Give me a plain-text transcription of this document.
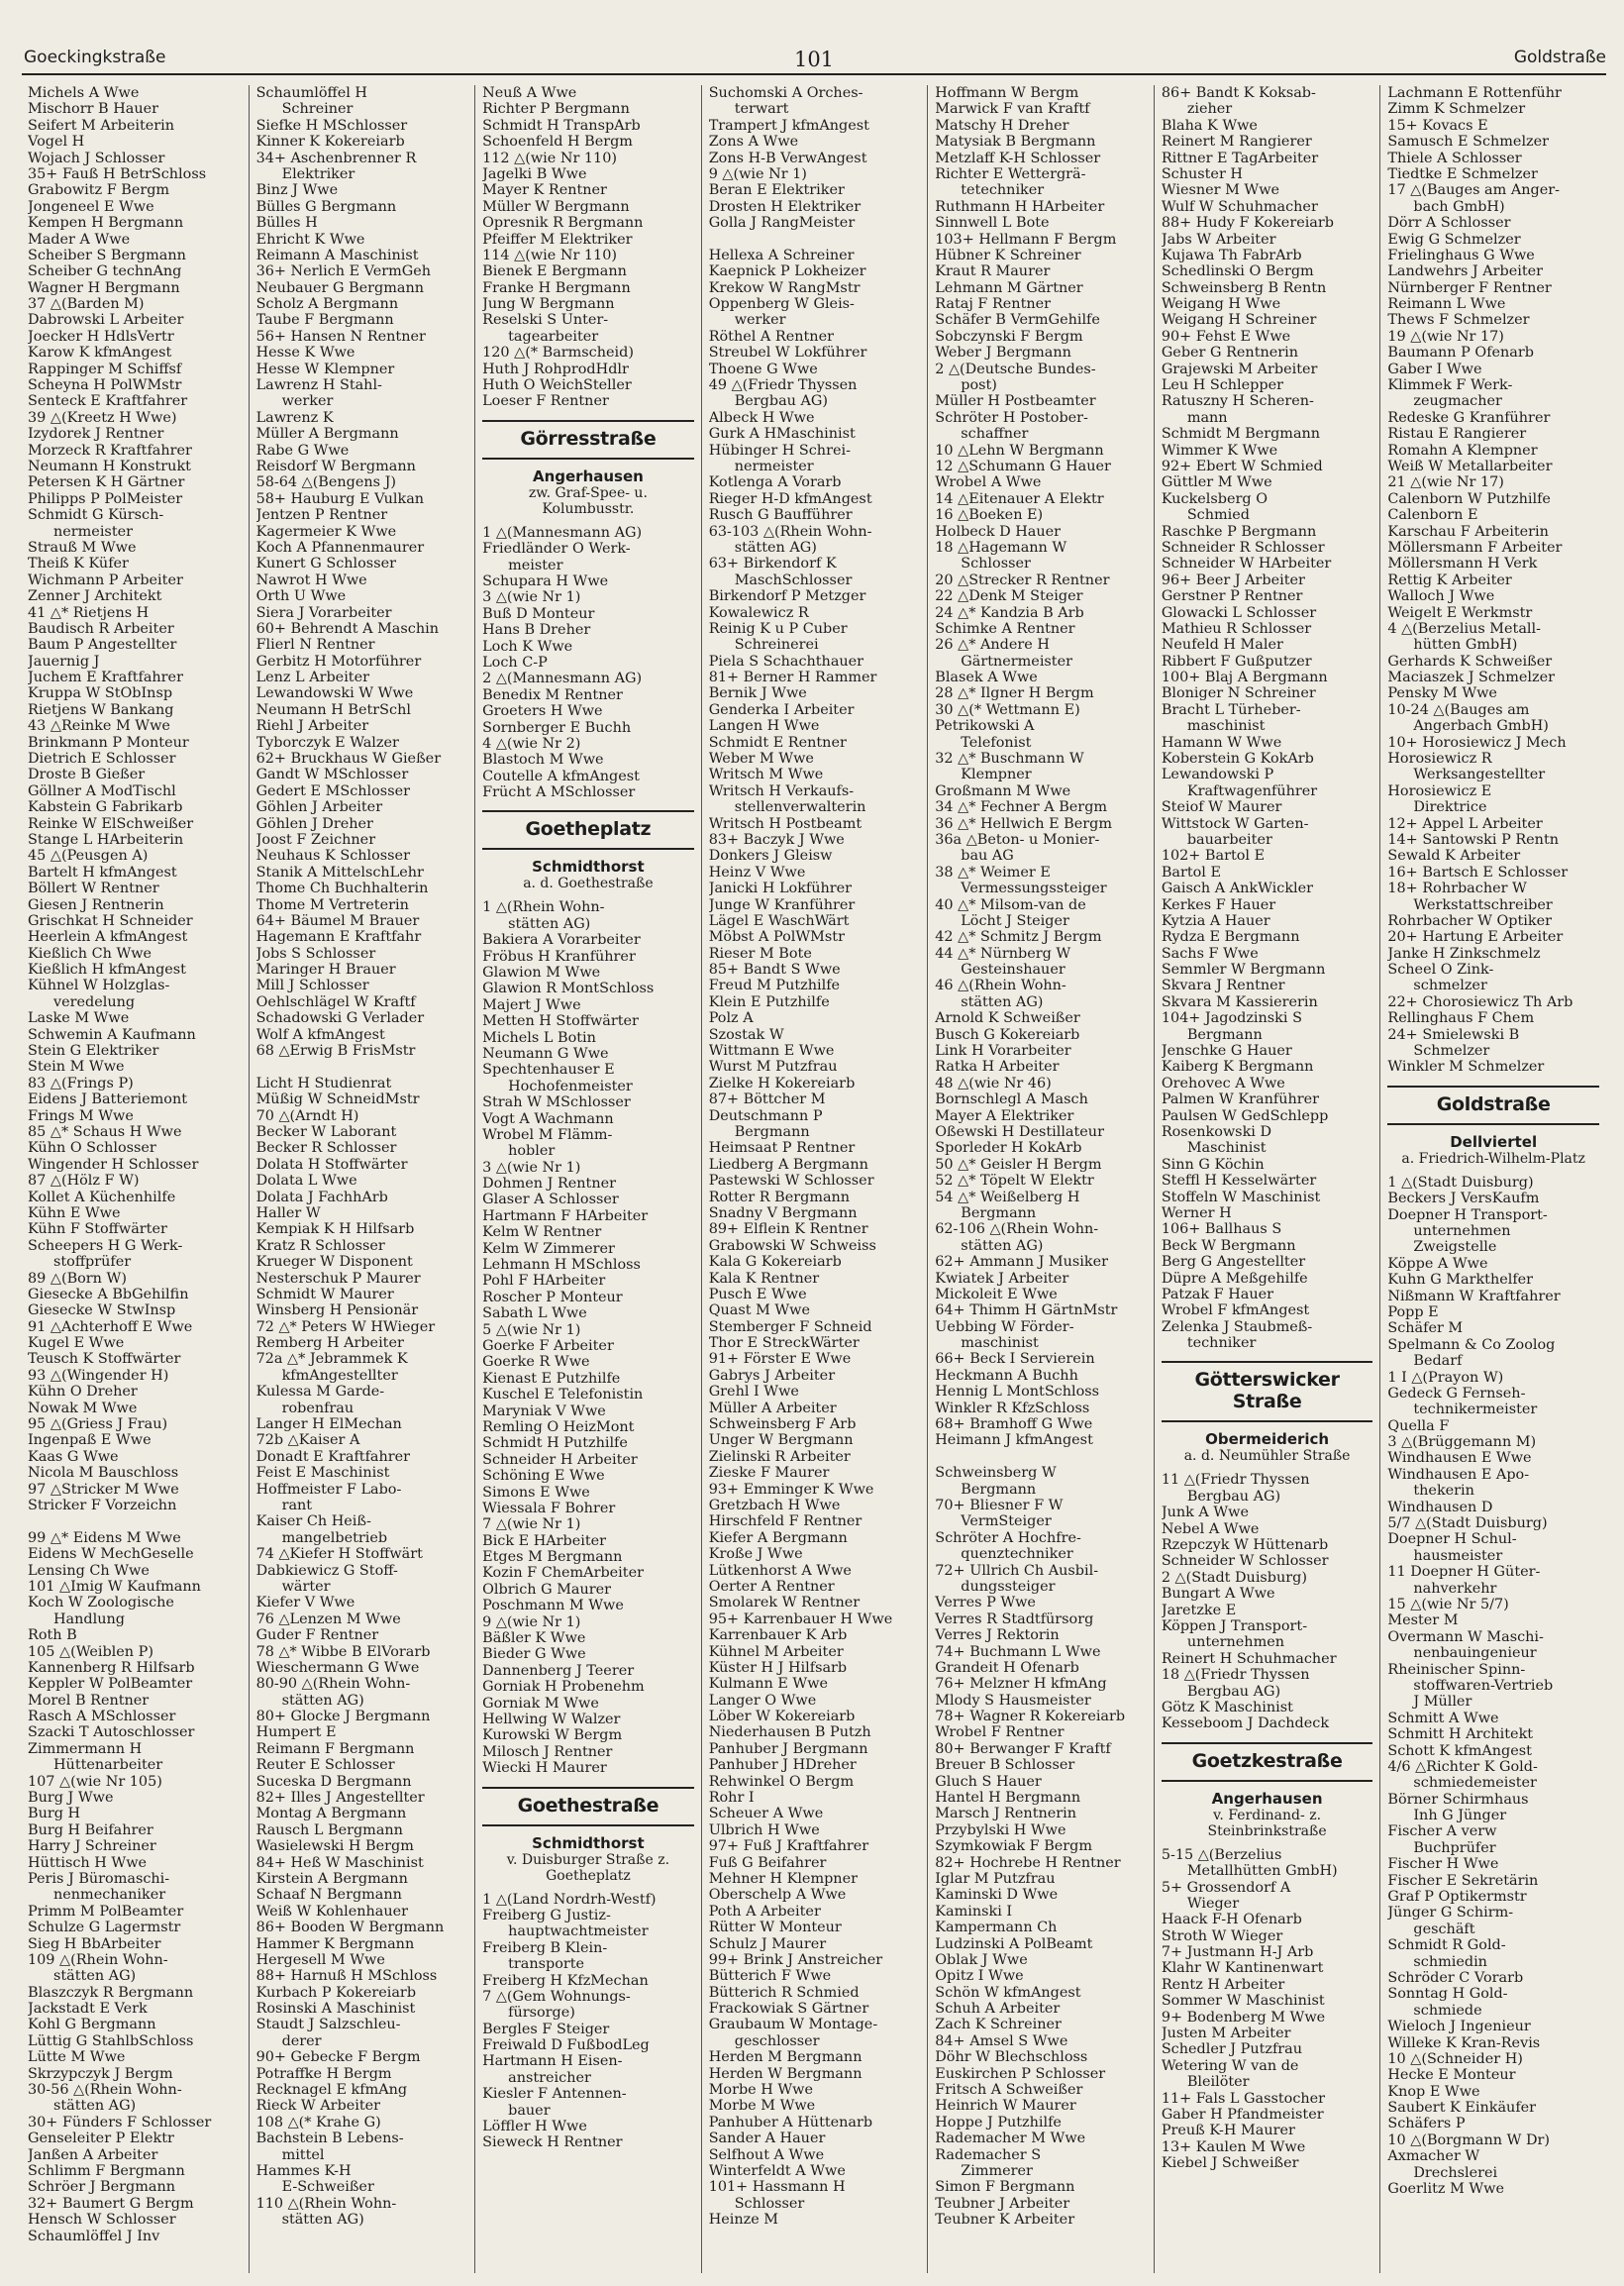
Goeckingkstraße	101	Goldstraße
Michels A Wwe
Mischorr B Hauer
Seifert M Arbeiterin
Vogel H
Wojach J Schlosser
35+ Fauß H BetrSchloss
Grabowitz F Bergm
Jongeneel E Wwe
Kempen H Bergmann
Mader A Wwe
Scheiber S Bergmann
Scheiber G technAng
Wagner H Bergmann
37 △(Barden M)
Dabrowski L Arbeiter
Joecker H HdlsVertr
Karow K kfmAngest
Rappinger M Schiffsf
Scheyna H PolWMstr
Senteck E Kraftfahrer
39 △(Kreetz H Wwe)
Izydorek J Rentner
Morzeck R Kraftfahrer
Neumann H Konstrukt
Petersen K H Gärtner
Philipps P PolMeister
Schmidt G Kürsch-
nermeister
Strauß M Wwe
Theiß K Küfer
Wichmann P Arbeiter
Zenner J Architekt
41 △* Rietjens H
Baudisch R Arbeiter
Baum P Angestellter
Jauernig J
Juchem E Kraftfahrer
Kruppa W StObInsp
Rietjens W Bankang
43 △Reinke M Wwe
Brinkmann P Monteur
Dietrich E Schlosser
Droste B Gießer
Göllner A ModTischl
Kabstein G Fabrikarb
Reinke W ElSchweißer
Stange L HArbeiterin
45 △(Peusgen A)
Bartelt H kfmAngest
Böllert W Rentner
Giesen J Rentnerin
Grischkat H Schneider
Heerlein A kfmAngest
Kießlich Ch Wwe
Kießlich H kfmAngest
Kühnel W Holzglas-
veredelung
Laske M Wwe
Schwemin A Kaufmann
Stein G Elektriker
Stein M Wwe
83 △(Frings P)
Eidens J Batteriemont
Frings M Wwe
85 △* Schaus H Wwe
Kühn O Schlosser
Wingender H Schlosser
87 △(Hölz F W)
Kollet A Küchenhilfe
Kühn E Wwe
Kühn F Stoffwärter
Scheepers H G Werk-
stoffprüfer
89 △(Born W)
Giesecke A BbGehilfin
Giesecke W StwInsp
91 △Achterhoff E Wwe
Kugel E Wwe
Teusch K Stoffwärter
93 △(Wingender H)
Kühn O Dreher
Nowak M Wwe
95 △(Griess J Frau)
Ingenpaß E Wwe
Kaas G Wwe
Nicola M Bauschloss
97 △Stricker M Wwe
Stricker F Vorzeichn
99 △* Eidens M Wwe
Eidens W MechGeselle
Lensing Ch Wwe
101 △Imig W Kaufmann
Koch W Zoologische
Handlung
Roth B
105 △(Weiblen P)
Kannenberg R Hilfsarb
Keppler W PolBeamter
Morel B Rentner
Rasch A MSchlosser
Szacki T Autoschlosser
Zimmermann H
Hüttenarbeiter
107 △(wie Nr 105)
Burg J Wwe
Burg H
Burg H Beifahrer
Harry J Schreiner
Hüttisch H Wwe
Peris J Büromaschi-
nenmechaniker
Primm M PolBeamter
Schulze G Lagermstr
Sieg H BbArbeiter
109 △(Rhein Wohn-
stätten AG)
Blaszczyk R Bergmann
Jackstadt E Verk
Kohl G Bergmann
Lüttig G StahlbSchloss
Lütte M Wwe
Skrzypczyk J Bergm
30-56 △(Rhein Wohn-
stätten AG)
30+ Fünders F Schlosser
Genseleiter P Elektr
Janßen A Arbeiter
Schlimm F Bergmann
Schröer J Bergmann
32+ Baumert G Bergm
Hensch W Schlosser
Schaumlöffel J Inv
Schaumlöffel H
Schreiner
Siefke H MSchlosser
Kinner K Kokereiarb
34+ Aschenbrenner R
Elektriker
Binz J Wwe
Bülles G Bergmann
Bülles H
Ehricht K Wwe
Reimann A Maschinist
36+ Nerlich E VermGeh
Neubauer G Bergmann
Scholz A Bergmann
Taube F Bergmann
56+ Hansen N Rentner
Hesse K Wwe
Hesse W Klempner
Lawrenz H Stahl-
werker
Lawrenz K
Müller A Bergmann
Rabe G Wwe
Reisdorf W Bergmann
58-64 △(Bengens J)
58+ Hauburg E Vulkan
Jentzen P Rentner
Kagermeier K Wwe
Koch A Pfannenmaurer
Kunert G Schlosser
Nawrot H Wwe
Orth U Wwe
Siera J Vorarbeiter
60+ Behrendt A Maschin
Flierl N Rentner
Gerbitz H Motorführer
Lenz L Arbeiter
Lewandowski W Wwe
Neumann H BetrSchl
Riehl J Arbeiter
Tyborczyk E Walzer
62+ Bruckhaus W Gießer
Gandt W MSchlosser
Gedert E MSchlosser
Göhlen J Arbeiter
Göhlen J Dreher
Joost F Zeichner
Neuhaus K Schlosser
Stanik A MittelschLehr
Thome Ch Buchhalterin
Thome M Vertreterin
64+ Bäumel M Brauer
Hagemann E Kraftfahr
Jobs S Schlosser
Maringer H Brauer
Mill J Schlosser
Oehlschlägel W Kraftf
Schadowski G Verlader
Wolf A kfmAngest
68 △Erwig B FrisMstr
Licht H Studienrat
Müßig W SchneidMstr
70 △(Arndt H)
Becker W Laborant
Becker R Schlosser
Dolata H Stoffwärter
Dolata L Wwe
Dolata J FachhArb
Haller W
Kempiak K H Hilfsarb
Kratz R Schlosser
Krueger W Disponent
Nesterschuk P Maurer
Schmidt W Maurer
Winsberg H Pensionär
72 △* Peters W HWieger
Remberg H Arbeiter
72a △* Jebrammek K
kfmAngestellter
Kulessa M Garde-
robenfrau
Langer H ElMechan
72b △Kaiser A
Donadt E Kraftfahrer
Feist E Maschinist
Hoffmeister F Labo-
rant
Kaiser Ch Heiß-
mangelbetrieb
74 △Kiefer H Stoffwärt
Dabkiewicz G Stoff-
wärter
Kiefer V Wwe
76 △Lenzen M Wwe
Guder F Rentner
78 △* Wibbe B ElVorarb
Wieschermann G Wwe
80-90 △(Rhein Wohn-
stätten AG)
80+ Glocke J Bergmann
Humpert E
Reimann F Bergmann
Reuter E Schlosser
Suceska D Bergmann
82+ Illes J Angestellter
Montag A Bergmann
Rausch L Bergmann
Wasielewski H Bergm
84+ Heß W Maschinist
Kirstein A Bergmann
Schaaf N Bergmann
Weiß W Kohlenhauer
86+ Booden W Bergmann
Hammer K Bergmann
Hergesell M Wwe
88+ Harnuß H MSchloss
Kurbach P Kokereiarb
Rosinski A Maschinist
Staudt J Salzschleu-
derer
90+ Gebecke F Bergm
Potraffke H Bergm
Recknagel E kfmAng
Rieck W Arbeiter
108 △(* Krahe G)
Bachstein B Lebens-
mittel
Hammes K-H
E-Schweißer
110 △(Rhein Wohn-
stätten AG)
Neuß A Wwe
Richter P Bergmann
Schmidt H TranspArb
Schoenfeld H Bergm
112 △(wie Nr 110)
Jagelki B Wwe
Mayer K Rentner
Müller W Bergmann
Opresnik R Bergmann
Pfeiffer M Elektriker
114 △(wie Nr 110)
Bienek E Bergmann
Franke H Bergmann
Jung W Bergmann
Reselski S Unter-
tagearbeiter
120 △(* Barmscheid)
Huth J RohprodHdlr
Huth O WeichSteller
Loeser F Rentner
Görresstraße
Angerhausen
zw. Graf-Spee- u. Kolumbusstr.
1 △(Mannesmann AG)
Friedländer O Werk-
meister
Schupara H Wwe
3 △(wie Nr 1)
Buß D Monteur
Hans B Dreher
Loch K Wwe
Loch C-P
2 △(Mannesmann AG)
Benedix M Rentner
Groeters H Wwe
Sornberger E Buchh
4 △(wie Nr 2)
Blastoch M Wwe
Coutelle A kfmAngest
Frücht A MSchlosser
Goetheplatz
Schmidthorst
a. d. Goethestraße
1 △(Rhein Wohn-
stätten AG)
Bakiera A Vorarbeiter
Fröbus H Kranführer
Glawion M Wwe
Glawion R MontSchloss
Majert J Wwe
Metten H Stoffwärter
Michels L Botin
Neumann G Wwe
Spechtenhauser E
Hochofenmeister
Strah W MSchlosser
Vogt A Wachmann
Wrobel M Flämm-
hobler
3 △(wie Nr 1)
Dohmen J Rentner
Glaser A Schlosser
Hartmann F HArbeiter
Kelm W Rentner
Kelm W Zimmerer
Lehmann H MSchloss
Pohl F HArbeiter
Roscher P Monteur
Sabath L Wwe
5 △(wie Nr 1)
Goerke F Arbeiter
Goerke R Wwe
Kienast E Putzhilfe
Kuschel E Telefonistin
Maryniak V Wwe
Remling O HeizMont
Schmidt H Putzhilfe
Schneider H Arbeiter
Schöning E Wwe
Simons E Wwe
Wiessala F Bohrer
7 △(wie Nr 1)
Bick E HArbeiter
Etges M Bergmann
Kozin F ChemArbeiter
Olbrich G Maurer
Poschmann M Wwe
9 △(wie Nr 1)
Bäßler K Wwe
Bieder G Wwe
Dannenberg J Teerer
Gorniak H Probenehm
Gorniak M Wwe
Hellwing W Walzer
Kurowski W Bergm
Milosch J Rentner
Wiecki H Maurer
Goethestraße
Schmidthorst
v. Duisburger Straße z. Goetheplatz
1 △(Land Nordrh-Westf)
Freiberg G Justiz-
hauptwachtmeister
Freiberg B Klein-
transporte
Freiberg H KfzMechan
7 △(Gem Wohnungs-
fürsorge)
Bergles F Steiger
Freiwald D FußbodLeg
Hartmann H Eisen-
anstreicher
Kiesler F Antennen-
bauer
Löffler H Wwe
Sieweck H Rentner
Suchomski A Orches-
terwart
Trampert J kfmAngest
Zons A Wwe
Zons H-B VerwAngest
9 △(wie Nr 1)
Beran E Elektriker
Drosten H Elektriker
Golla J RangMeister
Hellexa A Schreiner
Kaepnick P Lokheizer
Krekow W RangMstr
Oppenberg W Gleis-
werker
Röthel A Rentner
Streubel W Lokführer
Thoene G Wwe
49 △(Friedr Thyssen
Bergbau AG)
Albeck H Wwe
Gurk A HMaschinist
Hübinger H Schrei-
nermeister
Kotlenga A Vorarb
Rieger H-D kfmAngest
Rusch G Baufführer
63-103 △(Rhein Wohn-
stätten AG)
63+ Birkendorf K
MaschSchlosser
Birkendorf P Metzger
Kowalewicz R
Reinig K u P Cuber
Schreinerei
Piela S Schachthauer
81+ Berner H Rammer
Bernik J Wwe
Genderka I Arbeiter
Langen H Wwe
Schmidt E Rentner
Weber M Wwe
Writsch M Wwe
Writsch H Verkaufs-
stellenverwalterin
Writsch H Postbeamt
83+ Baczyk J Wwe
Donkers J Gleisw
Heinz V Wwe
Janicki H Lokführer
Junge W Kranführer
Lägel E WaschWärt
Möbst A PolWMstr
Rieser M Bote
85+ Bandt S Wwe
Freud M Putzhilfe
Klein E Putzhilfe
Polz A
Szostak W
Wittmann E Wwe
Wurst M Putzfrau
Zielke H Kokereiarb
87+ Böttcher M
Deutschmann P
Bergmann
Heimsaat P Rentner
Liedberg A Bergmann
Pastewski W Schlosser
Rotter R Bergmann
Snadny V Bergmann
89+ Elflein K Rentner
Grabowski W Schweiss
Kala G Kokereiarb
Kala K Rentner
Pusch E Wwe
Quast M Wwe
Stemberger F Schneid
Thor E StreckWärter
91+ Förster E Wwe
Gabrys J Arbeiter
Grehl I Wwe
Müller A Arbeiter
Schweinsberg F Arb
Unger W Bergmann
Zielinski R Arbeiter
Zieske F Maurer
93+ Emminger K Wwe
Gretzbach H Wwe
Hirschfeld F Rentner
Kiefer A Bergmann
Kroße J Wwe
Lütkenhorst A Wwe
Oerter A Rentner
Smolarek W Rentner
95+ Karrenbauer H Wwe
Karrenbauer K Arb
Kühnel M Arbeiter
Küster H J Hilfsarb
Kulmann E Wwe
Langer O Wwe
Löber W Kokereiarb
Niederhausen B Putzh
Panhuber J Bergmann
Panhuber J HDreher
Rehwinkel O Bergm
Rohr I
Scheuer A Wwe
Ulbrich H Wwe
97+ Fuß J Kraftfahrer
Fuß G Beifahrer
Mehner H Klempner
Oberschelp A Wwe
Poth A Arbeiter
Rütter W Monteur
Schulz J Maurer
99+ Brink J Anstreicher
Bütterich F Wwe
Bütterich R Schmied
Frackowiak S Gärtner
Graubaum W Montage-
geschlosser
Herden M Bergmann
Herden W Bergmann
Morbe H Wwe
Morbe M Wwe
Panhuber A Hüttenarb
Sander A Hauer
Selfhout A Wwe
Winterfeldt A Wwe
101+ Hassmann H
Schlosser
Heinze M
Hoffmann W Bergm
Marwick F van Kraftf
Matschy H Dreher
Matysiak B Bergmann
Metzlaff K-H Schlosser
Richter E Wettergrä-
tetechniker
Ruthmann H HArbeiter
Sinnwell L Bote
103+ Hellmann F Bergm
Hübner K Schreiner
Kraut R Maurer
Lehmann M Gärtner
Rataj F Rentner
Schäfer B VermGehilfe
Sobczynski F Bergm
Weber J Bergmann
2 △(Deutsche Bundes-
post)
Müller H Postbeamter
Schröter H Postober-
schaffner
10 △Lehn W Bergmann
12 △Schumann G Hauer
Wrobel A Wwe
14 △Eitenauer A Elektr
16 △Boeken E)
Holbeck D Hauer
18 △Hagemann W
Schlosser
20 △Strecker R Rentner
22 △Denk M Steiger
24 △* Kandzia B Arb
Schimke A Rentner
26 △* Andere H
Gärtnermeister
Blasek A Wwe
28 △* Ilgner H Bergm
30 △(* Wettmann E)
Petrikowski A
Telefonist
32 △* Buschmann W
Klempner
Großmann M Wwe
34 △* Fechner A Bergm
36 △* Hellwich E Bergm
36a △Beton- u Monier-
bau AG
38 △* Weimer E
Vermessungssteiger
40 △* Milsom-van de
Löcht J Steiger
42 △* Schmitz J Bergm
44 △* Nürnberg W
Gesteinshauer
46 △(Rhein Wohn-
stätten AG)
Arnold K Schweißer
Busch G Kokereiarb
Link H Vorarbeiter
Ratka H Arbeiter
48 △(wie Nr 46)
Bornschlegl A Masch
Mayer A Elektriker
Oßewski H Destillateur
Sporleder H KokArb
50 △* Geisler H Bergm
52 △* Töpelt W Elektr
54 △* Weißelberg H
Bergmann
62-106 △(Rhein Wohn-
stätten AG)
62+ Ammann J Musiker
Kwiatek J Arbeiter
Mickoleit E Wwe
64+ Thimm H GärtnMstr
Uebbing W Förder-
maschinist
66+ Beck I Servierein
Heckmann A Buchh
Hennig L MontSchloss
Winkler R KfzSchloss
68+ Bramhoff G Wwe
Heimann J kfmAngest
Schweinsberg W
Bergmann
70+ Bliesner F W
VermSteiger
Schröter A Hochfre-
quenztechniker
72+ Ullrich Ch Ausbil-
dungssteiger
Verres P Wwe
Verres R Stadtfürsorg
Verres J Rektorin
74+ Buchmann L Wwe
Grandeit H Ofenarb
76+ Melzner H kfmAng
Mlody S Hausmeister
78+ Wagner R Kokereiarb
Wrobel F Rentner
80+ Berwanger F Kraftf
Breuer B Schlosser
Gluch S Hauer
Hantel H Bergmann
Marsch J Rentnerin
Przybylski H Wwe
Szymkowiak F Bergm
82+ Hochrebe H Rentner
Iglar M Putzfrau
Kaminski D Wwe
Kaminski I
Kampermann Ch
Ludzinski A PolBeamt
Oblak J Wwe
Opitz I Wwe
Schön W kfmAngest
Schuh A Arbeiter
Zach K Schreiner
84+ Amsel S Wwe
Döhr W Blechschloss
Euskirchen P Schlosser
Fritsch A Schweißer
Heinrich W Maurer
Hoppe J Putzhilfe
Rademacher M Wwe
Rademacher S
Zimmerer
Simon F Bergmann
Teubner J Arbeiter
Teubner K Arbeiter
86+ Bandt K Koksab-
zieher
Blaha K Wwe
Reinert M Rangierer
Rittner E TagArbeiter
Schuster H
Wiesner M Wwe
Wulf W Schuhmacher
88+ Hudy F Kokereiarb
Jabs W Arbeiter
Kujawa Th FabrArb
Schedlinski O Bergm
Schweinsberg B Rentn
Weigang H Wwe
Weigang H Schreiner
90+ Fehst E Wwe
Geber G Rentnerin
Grajewski M Arbeiter
Leu H Schlepper
Ratuszny H Scheren-
mann
Schmidt M Bergmann
Wimmer K Wwe
92+ Ebert W Schmied
Güttler M Wwe
Kuckelsberg O
Schmied
Raschke P Bergmann
Schneider R Schlosser
Schneider W HArbeiter
96+ Beer J Arbeiter
Gerstner P Rentner
Glowacki L Schlosser
Mathieu R Schlosser
Neufeld H Maler
Ribbert F Gußputzer
100+ Blaj A Bergmann
Bloniger N Schreiner
Bracht L Türheber-
maschinist
Hamann W Wwe
Koberstein G KokArb
Lewandowski P
Kraftwagenführer
Steiof W Maurer
Wittstock W Garten-
bauarbeiter
102+ Bartol E
Bartol E
Gaisch A AnkWickler
Kerkes F Hauer
Kytzia A Hauer
Rydza E Bergmann
Sachs F Wwe
Semmler W Bergmann
Skvara J Rentner
Skvara M Kassiererin
104+ Jagodzinski S
Bergmann
Jenschke G Hauer
Kaiberg K Bergmann
Orehovec A Wwe
Palmen W Kranführer
Paulsen W GedSchlepp
Rosenkowski D
Maschinist
Sinn G Köchin
Steffl H Kesselwärter
Stoffeln W Maschinist
Werner H
106+ Ballhaus S
Beck W Bergmann
Berg G Angestellter
Düpre A Meßgehilfe
Patzak F Hauer
Wrobel F kfmAngest
Zelenka J Staubmeß-
techniker
Götterswicker Straße
Obermeiderich
a. d. Neumühler Straße
11 △(Friedr Thyssen
Bergbau AG)
Junk A Wwe
Nebel A Wwe
Rzepczyk W Hüttenarb
Schneider W Schlosser
2 △(Stadt Duisburg)
Bungart A Wwe
Jaretzke E
Köppen J Transport-
unternehmen
Reinert H Schuhmacher
18 △(Friedr Thyssen
Bergbau AG)
Götz K Maschinist
Kesseboom J Dachdeck
Goetzkestraße
Angerhausen
v. Ferdinand- z. Steinbrinkstraße
5-15 △(Berzelius
Metallhütten GmbH)
5+ Grossendorf A
Wieger
Haack F-H Ofenarb
Stroth W Wieger
7+ Justmann H-J Arb
Klahr W Kantinenwart
Rentz H Arbeiter
Sommer W Maschinist
9+ Bodenberg M Wwe
Justen M Arbeiter
Schedler J Putzfrau
Wetering W van de
Bleilöter
11+ Fals L Gasstocher
Gaber H Pfandmeister
Preuß K-H Maurer
13+ Kaulen M Wwe
Kiebel J Schweißer
Lachmann E Rottenführ
Zimm K Schmelzer
15+ Kovacs E
Samusch E Schmelzer
Thiele A Schlosser
Tiedtke E Schmelzer
17 △(Bauges am Anger-
bach GmbH)
Dörr A Schlosser
Ewig G Schmelzer
Frielinghaus G Wwe
Landwehrs J Arbeiter
Nürnberger F Rentner
Reimann L Wwe
Thews F Schmelzer
19 △(wie Nr 17)
Baumann P Ofenarb
Gaber I Wwe
Klimmek F Werk-
zeugmacher
Redeske G Kranführer
Ristau E Rangierer
Romahn A Klempner
Weiß W Metallarbeiter
21 △(wie Nr 17)
Calenborn W Putzhilfe
Calenborn E
Karschau F Arbeiterin
Möllersmann F Arbeiter
Möllersmann H Verk
Rettig K Arbeiter
Walloch J Wwe
Weigelt E Werkmstr
4 △(Berzelius Metall-
hütten GmbH)
Gerhards K Schweißer
Maciaszek J Schmelzer
Pensky M Wwe
10-24 △(Bauges am
Angerbach GmbH)
10+ Horosiewicz J Mech
Horosiewicz R
Werksangestellter
Horosiewicz E
Direktrice
12+ Appel L Arbeiter
14+ Santowski P Rentn
Sewald K Arbeiter
16+ Bartsch E Schlosser
18+ Rohrbacher W
Werkstattschreiber
Rohrbacher W Optiker
20+ Hartung E Arbeiter
Janke H Zinkschmelz
Scheel O Zink-
schmelzer
22+ Chorosiewicz Th Arb
Rellinghaus F Chem
24+ Smielewski B
Schmelzer
Winkler M Schmelzer
Goldstraße
Dellviertel
a. Friedrich-Wilhelm-Platz
1 △(Stadt Duisburg)
Beckers J VersKaufm
Doepner H Transport-
unternehmen
Zweigstelle
Köppe A Wwe
Kuhn G Markthelfer
Nißmann W Kraftfahrer
Popp E
Schäfer M
Spelmann & Co Zoolog
Bedarf
1 I △(Prayon W)
Gedeck G Fernseh-
technikermeister
Quella F
3 △(Brüggemann M)
Windhausen E Wwe
Windhausen E Apo-
thekerin
Windhausen D
5/7 △(Stadt Duisburg)
Doepner H Schul-
hausmeister
11 Doepner H Güter-
nahverkehr
15 △(wie Nr 5/7)
Mester M
Overmann W Maschi-
nenbauingenieur
Rheinischer Spinn-
stoffwaren-Vertrieb
J Müller
Schmitt A Wwe
Schmitt H Architekt
Schott K kfmAngest
4/6 △Richter K Gold-
schmiedemeister
Börner Schirmhaus
Inh G Jünger
Fischer A verw
Buchprüfer
Fischer H Wwe
Fischer E Sekretärin
Graf P Optikermstr
Jünger G Schirm-
geschäft
Schmidt R Gold-
schmiedin
Schröder C Vorarb
Sonntag H Gold-
schmiede
Wieloch J Ingenieur
Willeke K Kran-Revis
10 △(Schneider H)
Hecke E Monteur
Knop E Wwe
Saubert K Einkäufer
Schäfers P
10 △(Borgmann W Dr)
Axmacher W
Drechslerei
Goerlitz M Wwe
